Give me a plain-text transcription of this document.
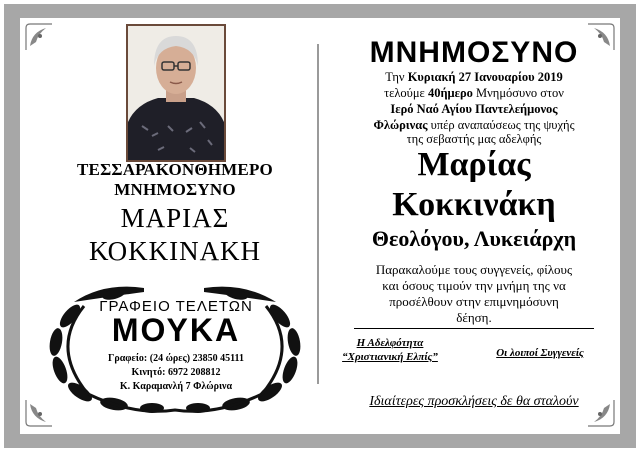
ΤΕΣΣΑΡΑΚΟΝΘΗΜΕΡΟ
ΜΝΗΜΟΣΥΝΟ
ΜΑΡΙΑΣ
ΚΟΚΚΙΝΑΚΗ
ΓΡΑΦΕΙΟ ΤΕΛΕΤΩΝ
ΜΟΥΚΑ
Γραφείο: (24 ώρες) 23850 45111
Κινητό: 6972 208812
Κ. Καραμανλή 7 Φλώρινα
ΜΝΗΜΟΣΥΝΟ
Την Κυριακή 27 Ιανουαρίου 2019
τελούμε 40ήμερο Μνημόσυνο στον
Ιερό Ναό Αγίου Παντελεήμονος
Φλώρινας υπέρ αναπαύσεως της ψυχής
της σεβαστής μας αδελφής
Μαρίας
Κοκκινάκη
Θεολόγου, Λυκειάρχη
Παρακαλούμε τους συγγενείς, φίλους
και όσους τιμούν την μνήμη της να
προσέλθουν στην επιμνημόσυνη
δέηση.
Η Αδελφότητα
“Χριστιανική Ελπίς”	Οι λοιποί Συγγενείς
Ιδιαίτερες προσκλήσεις δε θα σταλούν
